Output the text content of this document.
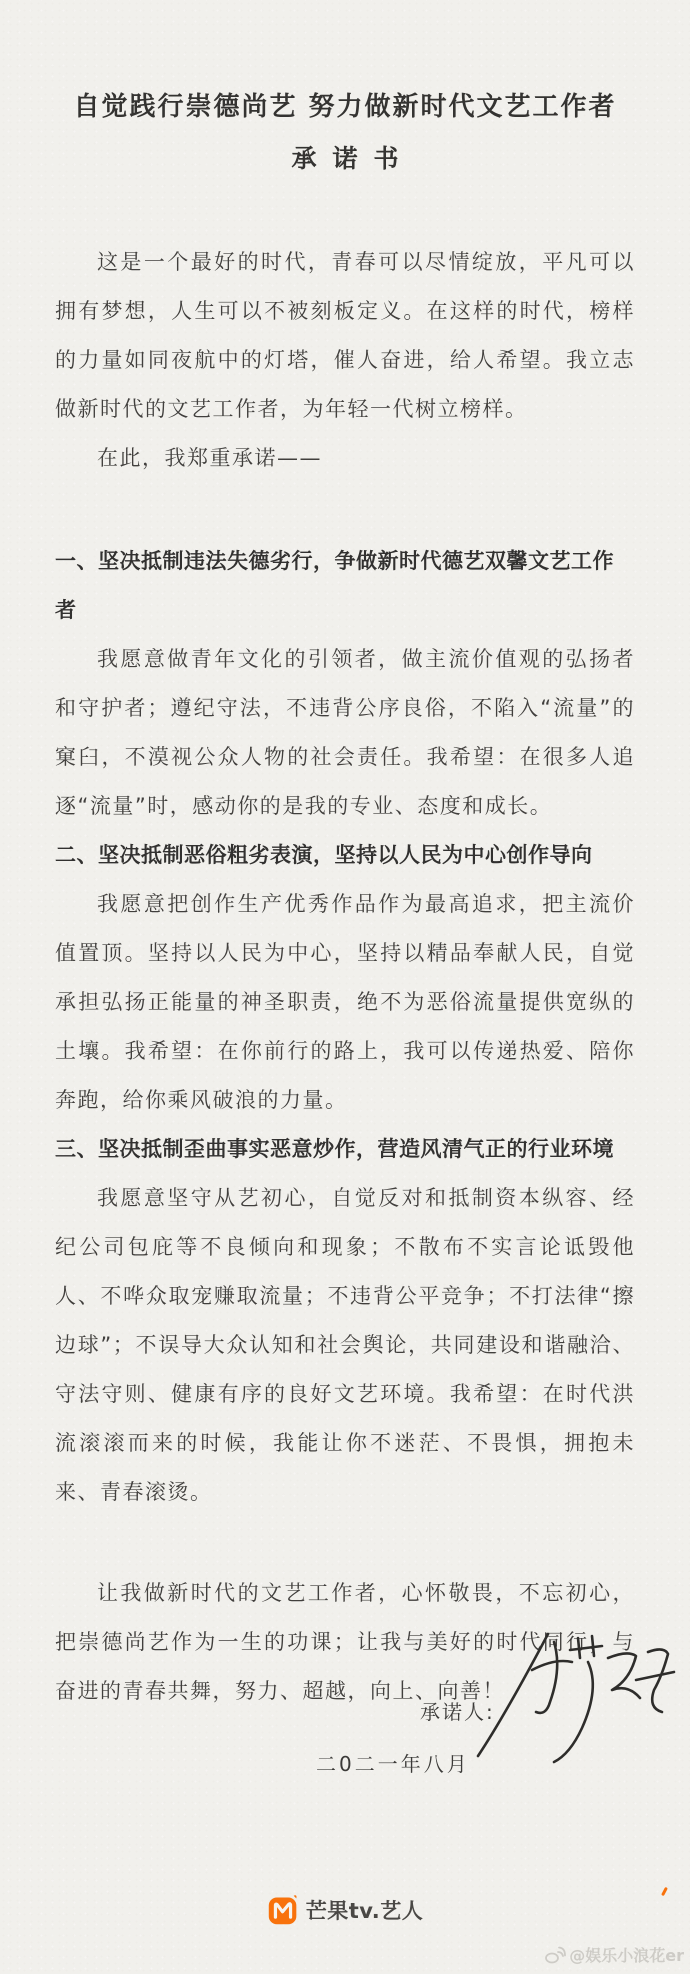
自觉践行崇德尚艺 努力做新时代文艺工作者
承诺书

这是一个最好的时代，青春可以尽情绽放，平凡可以拥有梦想，人生可以不被刻板定义。在这样的时代，榜样的力量如同夜航中的灯塔，催人奋进，给人希望。我立志做新时代的文艺工作者，为年轻一代树立榜样。

在此，我郑重承诺——

一、坚决抵制违法失德劣行，争做新时代德艺双馨文艺工作者

我愿意做青年文化的引领者，做主流价值观的弘扬者和守护者；遵纪守法，不违背公序良俗，不陷入“流量”的窠臼，不漠视公众人物的社会责任。我希望：在很多人追逐“流量”时，感动你的是我的专业、态度和成长。

二、坚决抵制恶俗粗劣表演，坚持以人民为中心创作导向

我愿意把创作生产优秀作品作为最高追求，把主流价值置顶。坚持以人民为中心，坚持以精品奉献人民，自觉承担弘扬正能量的神圣职责，绝不为恶俗流量提供宽纵的土壤。我希望：在你前行的路上，我可以传递热爱、陪你奔跑，给你乘风破浪的力量。

三、坚决抵制歪曲事实恶意炒作，营造风清气正的行业环境

我愿意坚守从艺初心，自觉反对和抵制资本纵容、经纪公司包庇等不良倾向和现象；不散布不实言论诋毁他人、不哗众取宠赚取流量；不违背公平竞争；不打法律“擦边球”；不误导大众认知和社会舆论，共同建设和谐融洽、守法守则、健康有序的良好文艺环境。我希望：在时代洪流滚滚而来的时候，我能让你不迷茫、不畏惧，拥抱未来、青春滚烫。

让我做新时代的文艺工作者，心怀敬畏，不忘初心，把崇德尚艺作为一生的功课；让我与美好的时代同行，与奋进的青春共舞，努力、超越，向上、向善！

承诺人:
二0二一年八月
芒果tv.艺人
@娱乐小浪花er
